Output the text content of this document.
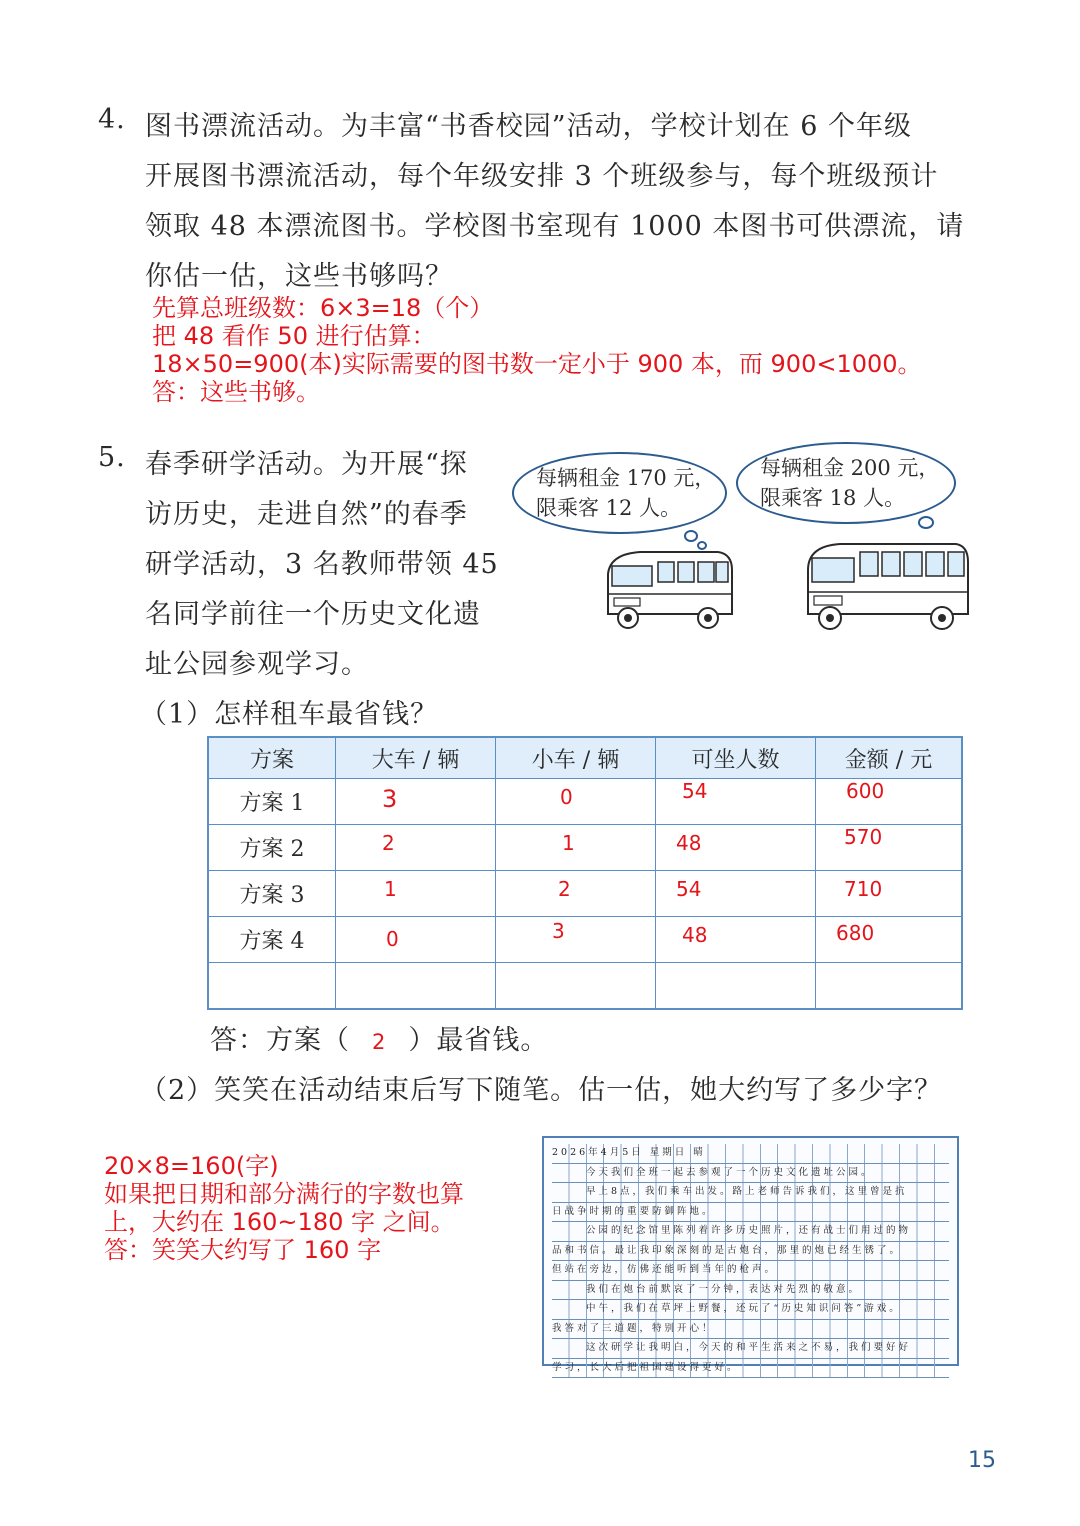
4. 图书漂流活动。为丰富“书香校园”活动，学校计划在 6 个年级
开展图书漂流活动，每个年级安排 3 个班级参与，每个班级预计
领取 48 本漂流图书。学校图书室现有 1000 本图书可供漂流，请
你估一估，这些书够吗？
先算总班级数：6×3=18（个）
把 48 看作 50 进行估算：
18×50=900(本)实际需要的图书数一定小于 900 本，而 900<1000。
答：这些书够。
5. 春季研学活动。为开展“探
访历史，走进自然”的春季
研学活动，3 名教师带领 45
名同学前往一个历史文化遗
址公园参观学习。
每辆租金 170 元，
限乘客 12 人。
每辆租金 200 元，
限乘客 18 人。
（1）怎样租车最省钱？
方案	大车 / 辆	小车 / 辆	可坐人数	金额 / 元
方案 1	3	0	54	600

方案 2	2	1	48	570

方案 3	1	2	54	710

方案 4	0	3	48	680

答：方案（ 2 ）最省钱。
（2）笑笑在活动结束后写下随笔。估一估，她大约写了多少字？
20×8=160(字)
如果把日期和部分满行的字数也算
上，大约在 160~180 字 之间。
答：笑笑大约写了 160 字
2026年4月5日 星期日 晴
今天我们全班一起去参观了一个历史文化遗址公园。
早上8点，我们乘车出发。路上老师告诉我们，这里曾是抗
日战争时期的重要防御阵地。
公园的纪念馆里陈列着许多历史照片，还有战士们用过的物
品和书信。最让我印象深刻的是古炮台，那里的炮已经生锈了。
但站在旁边，仿佛还能听到当年的枪声。
我们在炮台前默哀了一分钟，表达对先烈的敬意。
中午，我们在草坪上野餐，还玩了“历史知识问答”游戏。
我答对了三道题，特别开心！
这次研学让我明白，今天的和平生活来之不易，我们要好好
学习，长大后把祖国建设得更好。
15
